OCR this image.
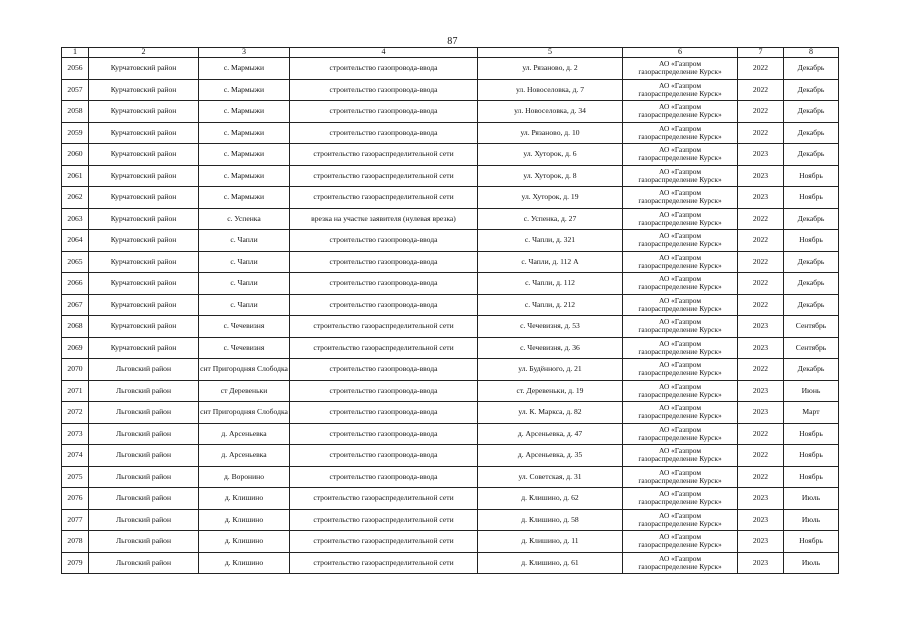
87
1	2	3	4	5	6	7	8
2056	Курчатовский район	с. Мармыжи	строительство газопровода-ввода	ул. Рязаново, д. 2	АО «Газпром
газораспределение Курск»	2022	Декабрь
2057	Курчатовский район	с. Мармыжи	строительство газопровода-ввода	ул. Новоселовка, д. 7	АО «Газпром
газораспределение Курск»	2022	Декабрь
2058	Курчатовский район	с. Мармыжи	строительство газопровода-ввода	ул. Новоселовка, д. 34	АО «Газпром
газораспределение Курск»	2022	Декабрь
2059	Курчатовский район	с. Мармыжи	строительство газопровода-ввода	ул. Рязаново, д. 10	АО «Газпром
газораспределение Курск»	2022	Декабрь
2060	Курчатовский район	с. Мармыжи	строительство газораспределительной сети	ул. Хуторок, д. 6	АО «Газпром
газораспределение Курск»	2023	Декабрь
2061	Курчатовский район	с. Мармыжи	строительство газораспределительной сети	ул. Хуторок, д. 8	АО «Газпром
газораспределение Курск»	2023	Ноябрь
2062	Курчатовский район	с. Мармыжи	строительство газораспределительной сети	ул. Хуторок, д. 19	АО «Газпром
газораспределение Курск»	2023	Ноябрь
2063	Курчатовский район	с. Успенка	врезка на участке заявителя (нулевая врезка)	с. Успенка, д. 27	АО «Газпром
газораспределение Курск»	2022	Декабрь
2064	Курчатовский район	с. Чапли	строительство газопровода-ввода	с. Чапли, д. 321	АО «Газпром
газораспределение Курск»	2022	Ноябрь
2065	Курчатовский район	с. Чапли	строительство газопровода-ввода	с. Чапли, д. 112 А	АО «Газпром
газораспределение Курск»	2022	Декабрь
2066	Курчатовский район	с. Чапли	строительство газопровода-ввода	с. Чапли, д. 112	АО «Газпром
газораспределение Курск»	2022	Декабрь
2067	Курчатовский район	с. Чапли	строительство газопровода-ввода	с. Чапли, д. 212	АО «Газпром
газораспределение Курск»	2022	Декабрь
2068	Курчатовский район	с. Чечевизня	строительство газораспределительной сети	с. Чечевизня, д. 53	АО «Газпром
газораспределение Курск»	2023	Сентябрь
2069	Курчатовский район	с. Чечевизня	строительство газораспределительной сети	с. Чечевизня, д. 36	АО «Газпром
газораспределение Курск»	2023	Сентябрь
2070	Льговский район	снт Пригородняя Слободка	строительство газопровода-ввода	ул. Будённого, д. 21	АО «Газпром
газораспределение Курск»	2022	Декабрь
2071	Льговский район	ст Деревеньки	строительство газопровода-ввода	ст. Деревеньки, д. 19	АО «Газпром
газораспределение Курск»	2023	Июнь
2072	Льговский район	снт Пригородняя Слободка	строительство газопровода-ввода	ул. К. Маркса, д. 82	АО «Газпром
газораспределение Курск»	2023	Март
2073	Льговский район	д. Арсеньевка	строительство газопровода-ввода	д. Арсеньевка, д. 47	АО «Газпром
газораспределение Курск»	2022	Ноябрь
2074	Льговский район	д. Арсеньевка	строительство газопровода-ввода	д. Арсеньевка, д. 35	АО «Газпром
газораспределение Курск»	2022	Ноябрь
2075	Льговский район	д. Воронино	строительство газопровода-ввода	ул. Советская, д. 31	АО «Газпром
газораспределение Курск»	2022	Ноябрь
2076	Льговский район	д. Клишино	строительство газораспределительной сети	д. Клишино, д. 62	АО «Газпром
газораспределение Курск»	2023	Июль
2077	Льговский район	д. Клишино	строительство газораспределительной сети	д. Клишино, д. 58	АО «Газпром
газораспределение Курск»	2023	Июль
2078	Льговский район	д. Клишино	строительство газораспределительной сети	д. Клишино, д. 11	АО «Газпром
газораспределение Курск»	2023	Ноябрь
2079	Льговский район	д. Клишино	строительство газораспределительной сети	д. Клишино, д. 61	АО «Газпром
газораспределение Курск»	2023	Июль
